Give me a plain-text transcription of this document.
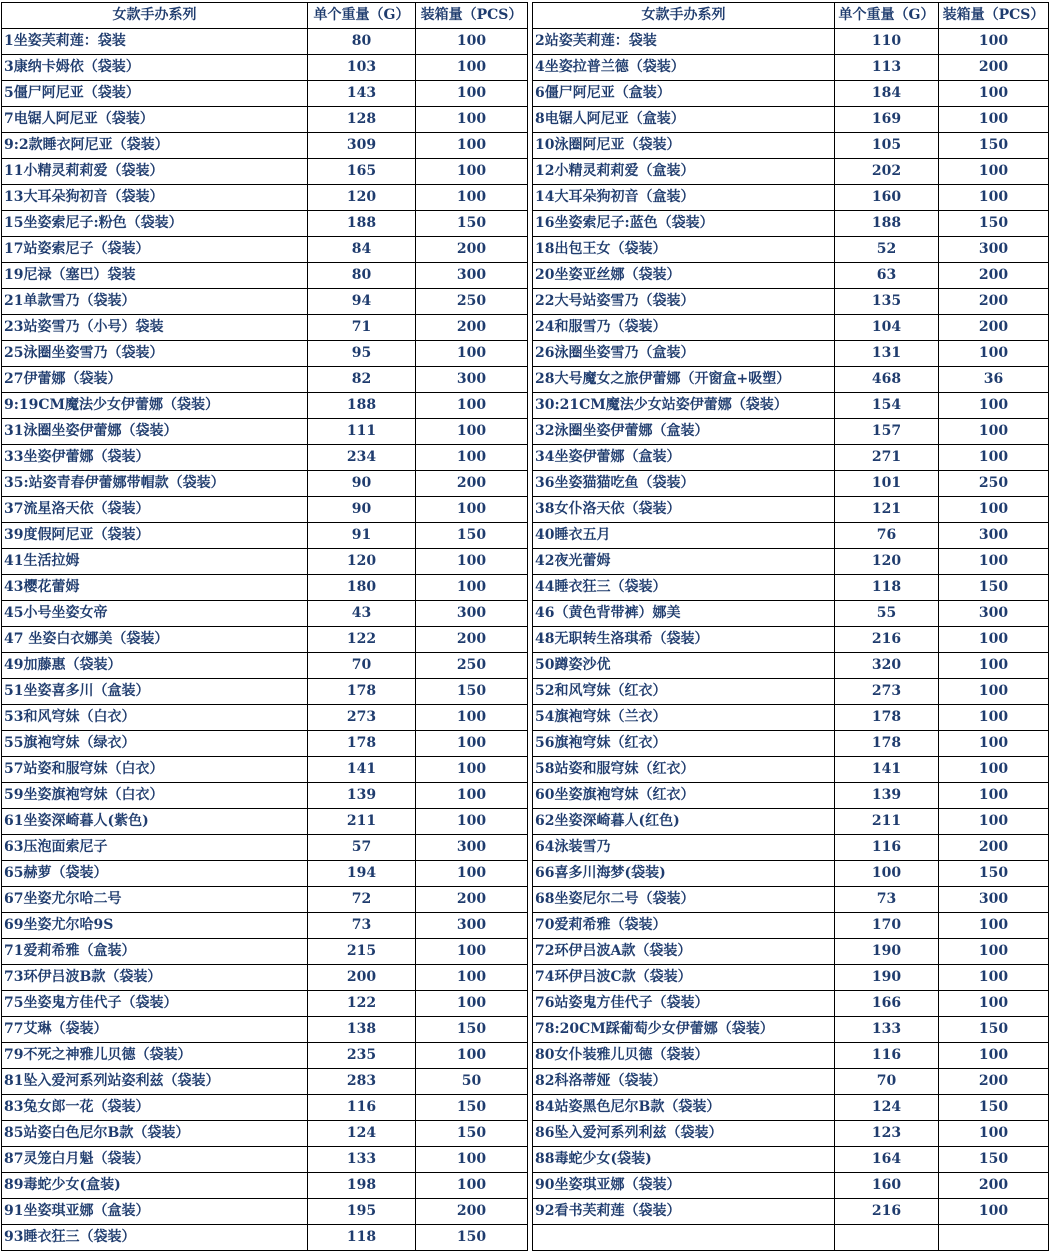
女款手办系列	单个重量（G）	装箱量（PCS）
1坐姿芙莉莲：袋装	80	100
3康纳卡姆依（袋装）	103	100
5僵尸阿尼亚（袋装）	143	100
7电锯人阿尼亚（袋装）	128	100
9:2款睡衣阿尼亚（袋装）	309	100
11小精灵莉莉爱（袋装）	165	100
13大耳朵狗初音（袋装）	120	100
15坐姿索尼子:粉色（袋装）	188	150
17站姿索尼子（袋装）	84	200
19尼禄（塞巴）袋装	80	300
21单款雪乃（袋装）	94	250
23站姿雪乃（小号）袋装	71	200
25泳圈坐姿雪乃（袋装）	95	100
27伊蕾娜（袋装）	82	300
9:19CM魔法少女伊蕾娜（袋装）	188	100
31泳圈坐姿伊蕾娜（袋装）	111	100
33坐姿伊蕾娜（袋装）	234	100
35:站姿青春伊蕾娜带帽款（袋装）	90	200
37流星洛天依（袋装）	90	100
39度假阿尼亚（袋装）	91	150
41生活拉姆	120	100
43樱花蕾姆	180	100
45小号坐姿女帝	43	300
47 坐姿白衣娜美（袋装）	122	200
49加藤惠（袋装）	70	250
51坐姿喜多川（盒装）	178	150
53和风穹妹（白衣）	273	100
55旗袍穹妹（绿衣）	178	100
57站姿和服穹妹（白衣）	141	100
59坐姿旗袍穹妹（白衣）	139	100
61坐姿深崎暮人(紫色)	211	100
63压泡面索尼子	57	300
65赫萝（袋装）	194	100
67坐姿尤尔哈二号	72	200
69坐姿尤尔哈9S	73	300
71爱莉希雅（盒装）	215	100
73环伊吕波B款（袋装）	200	100
75坐姿鬼方佳代子（袋装）	122	100
77艾琳（袋装）	138	150
79不死之神雅儿贝德（袋装）	235	100
81坠入爱河系列站姿利兹（袋装）	283	50
83兔女郎一花（袋装）	116	150
85站姿白色尼尔B款（袋装）	124	150
87灵笼白月魁（袋装）	133	100
89毒蛇少女(盒装)	198	100
91坐姿琪亚娜（盒装）	195	200
93睡衣狂三（袋装）	118	150
女款手办系列	单个重量（G）	装箱量（PCS）
2站姿芙莉莲：袋装	110	100
4坐姿拉普兰德（袋装）	113	200
6僵尸阿尼亚（盒装）	184	100
8电锯人阿尼亚（盒装）	169	100
10泳圈阿尼亚（袋装）	105	150
12小精灵莉莉爱（盒装）	202	100
14大耳朵狗初音（盒装）	160	100
16坐姿索尼子:蓝色（袋装）	188	150
18出包王女（袋装）	52	300
20坐姿亚丝娜（袋装）	63	200
22大号站姿雪乃（袋装）	135	200
24和服雪乃（袋装）	104	200
26泳圈坐姿雪乃（盒装）	131	100
28大号魔女之旅伊蕾娜（开窗盒+吸塑）	468	36
30:21CM魔法少女站姿伊蕾娜（袋装）	154	100
32泳圈坐姿伊蕾娜（盒装）	157	100
34坐姿伊蕾娜（盒装）	271	100
36坐姿猫猫吃鱼（袋装）	101	250
38女仆洛天依（袋装）	121	100
40睡衣五月	76	300
42夜光蕾姆	120	100
44睡衣狂三（袋装）	118	150
46（黄色背带裤）娜美	55	300
48无职转生洛琪希（袋装）	216	100
50蹲姿沙优	320	100
52和风穹妹（红衣）	273	100
54旗袍穹妹（兰衣）	178	100
56旗袍穹妹（红衣）	178	100
58站姿和服穹妹（红衣）	141	100
60坐姿旗袍穹妹（红衣）	139	100
62坐姿深崎暮人(红色)	211	100
64泳装雪乃	116	200
66喜多川海梦(袋装)	100	150
68坐姿尼尔二号（袋装）	73	300
70爱莉希雅（袋装）	170	100
72环伊吕波A款（袋装）	190	100
74环伊吕波C款（袋装）	190	100
76站姿鬼方佳代子（袋装）	166	100
78:20CM踩葡萄少女伊蕾娜（袋装）	133	150
80女仆装雅儿贝德（袋装）	116	100
82科洛蒂娅（袋装）	70	200
84站姿黑色尼尔B款（袋装）	124	150
86坠入爱河系列利兹（袋装）	123	100
88毒蛇少女(袋装)	164	150
90坐姿琪亚娜（袋装）	160	200
92看书芙莉莲（袋装）	216	100
